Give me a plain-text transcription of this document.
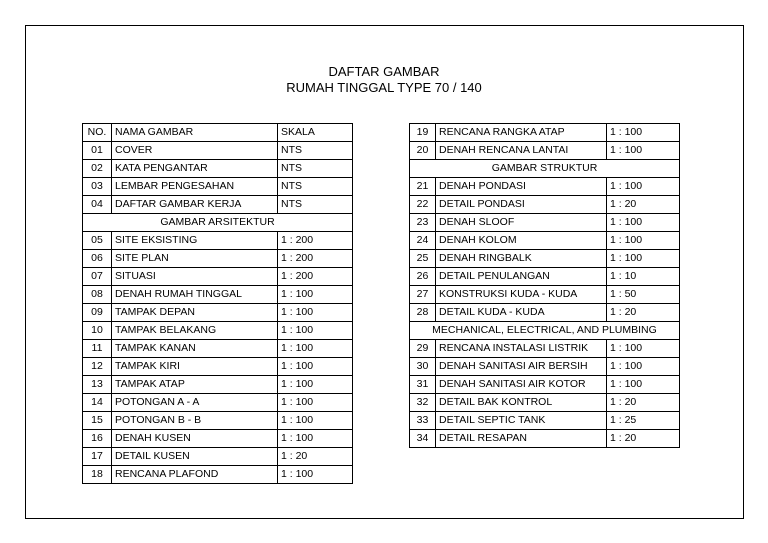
DAFTAR GAMBAR
RUMAH TINGGAL TYPE 70 / 140
NO.	NAMA GAMBAR	SKALA
01	COVER	NTS
02	KATA PENGANTAR	NTS
03	LEMBAR PENGESAHAN	NTS
04	DAFTAR GAMBAR KERJA	NTS
GAMBAR ARSITEKTUR		
05	SITE EKSISTING	1 : 200
06	SITE PLAN	1 : 200
07	SITUASI	1 : 200
08	DENAH RUMAH TINGGAL	1 : 100
09	TAMPAK DEPAN	1 : 100
10	TAMPAK BELAKANG	1 : 100
11	TAMPAK KANAN	1 : 100
12	TAMPAK KIRI	1 : 100
13	TAMPAK ATAP	1 : 100
14	POTONGAN A - A	1 : 100
15	POTONGAN B - B	1 : 100
16	DENAH KUSEN	1 : 100
17	DETAIL KUSEN	1 : 20
18	RENCANA PLAFOND	1 : 100
19	RENCANA RANGKA ATAP	1 : 100
20	DENAH RENCANA LANTAI	1 : 100
GAMBAR STRUKTUR		
21	DENAH PONDASI	1 : 100
22	DETAIL PONDASI	1 : 20
23	DENAH SLOOF	1 : 100
24	DENAH KOLOM	1 : 100
25	DENAH RINGBALK	1 : 100
26	DETAIL PENULANGAN	1 : 10
27	KONSTRUKSI KUDA - KUDA	1 : 50
28	DETAIL KUDA - KUDA	1 : 20
MECHANICAL, ELECTRICAL, AND PLUMBING		
29	RENCANA INSTALASI LISTRIK	1 : 100
30	DENAH SANITASI AIR BERSIH	1 : 100
31	DENAH SANITASI AIR KOTOR	1 : 100
32	DETAIL BAK KONTROL	1 : 20
33	DETAIL SEPTIC TANK	1 : 25
34	DETAIL RESAPAN	1 : 20
